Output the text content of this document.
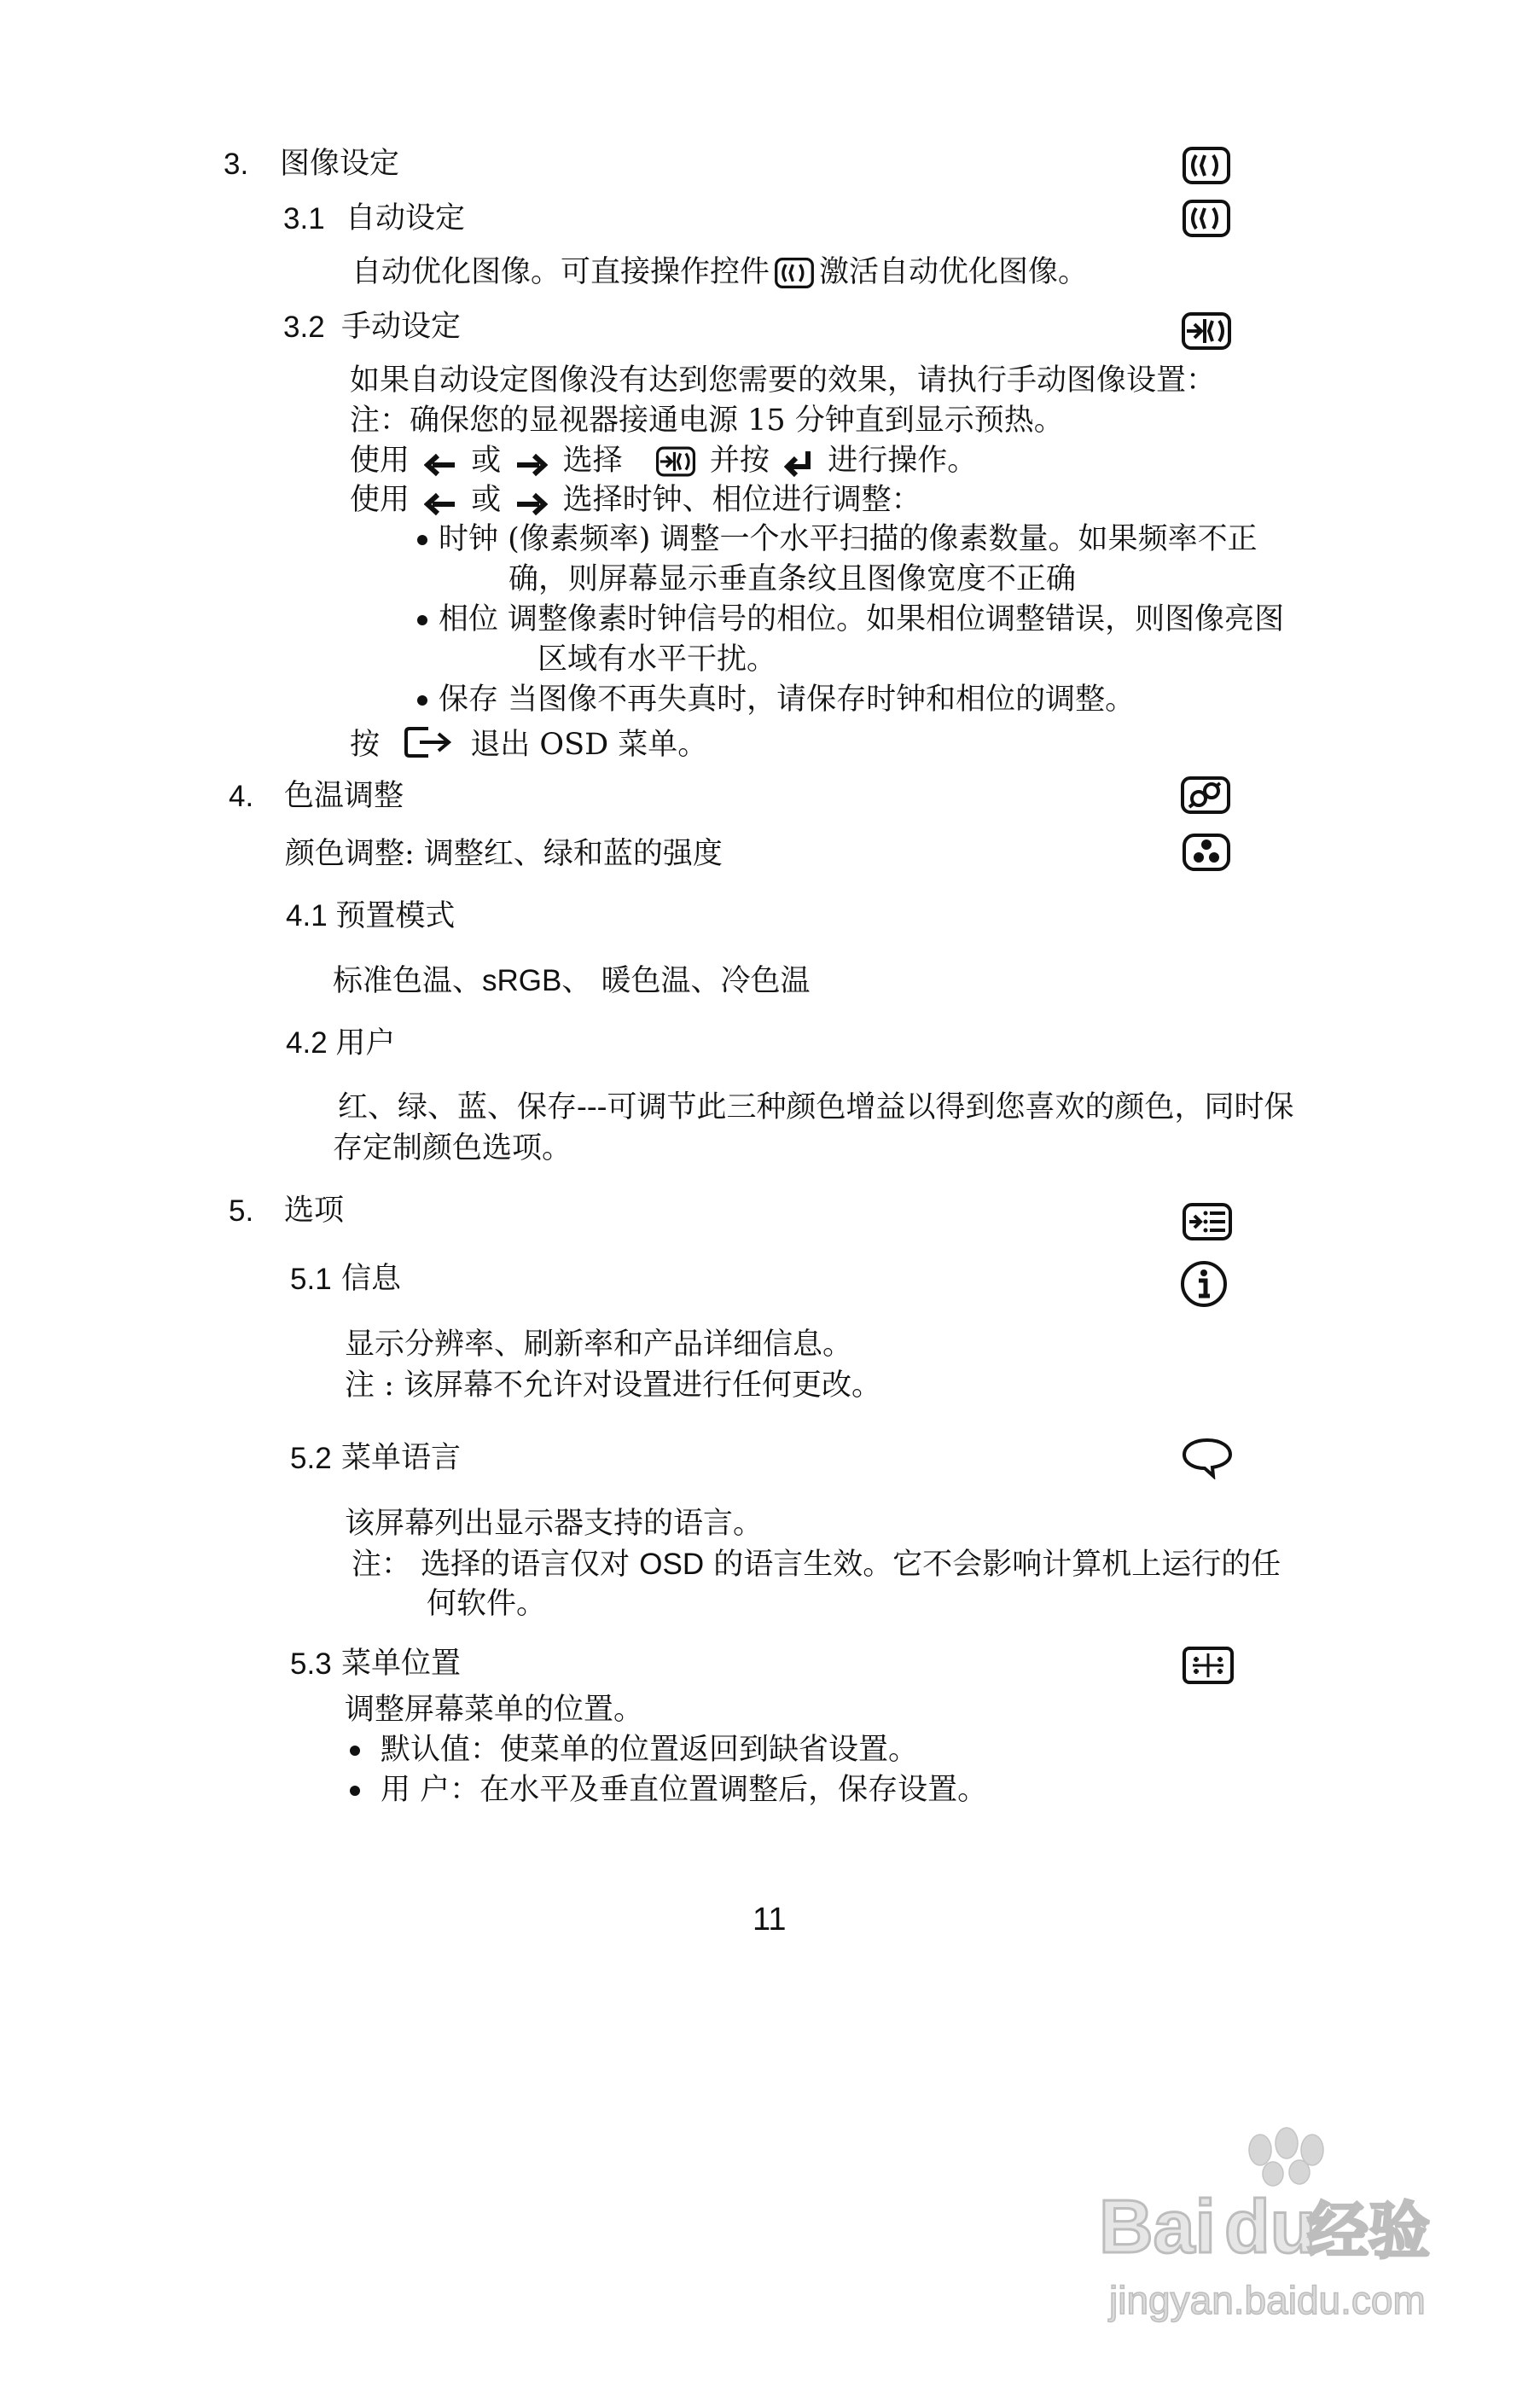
3. 图像设定
3.1 自动设定
自动优化图像。可直接操作控件 激活自动优化图像。
3.2 手动设定
如果自动设定图像没有达到您需要的效果，请执行手动图像设置：
注：确保您的显视器接通电源 15 分钟直到显示预热。
使用 或 选择	并按 进行操作。
使用 或 选择时钟、相位进行调整：
时钟 (像素频率) 调整一个水平扫描的像素数量。如果频率不正
确，则屏幕显示垂直条纹且图像宽度不正确
相位 调整像素时钟信号的相位。如果相位调整错误，则图像亮图
区域有水平干扰。
保存 当图像不再失真时，请保存时钟和相位的调整。
按	退出 OSD 菜单。
4. 色温调整
颜色调整: 调整红、绿和蓝的强度
4.1 预置模式
标准色温、sRGB、 暖色温、冷色温
4.2 用户
红、绿、蓝、保存---可调节此三种颜色增益以得到您喜欢的颜色，同时保
存定制颜色选项。
5. 选项
5.1 信息
显示分辨率、刷新率和产品详细信息。
注 : 该屏幕不允许对设置进行任何更改。
5.2 菜单语言
该屏幕列出显示器支持的语言。
注： 选择的语言仅对 OSD 的语言生效。它不会影响计算机上运行的任
何软件。
5.3 菜单位置
调整屏幕菜单的位置。
默认值：使菜单的位置返回到缺省设置。
用 户：在水平及垂直位置调整后，保存设置。
11
Bai du
经验
jingyan.baidu.com
